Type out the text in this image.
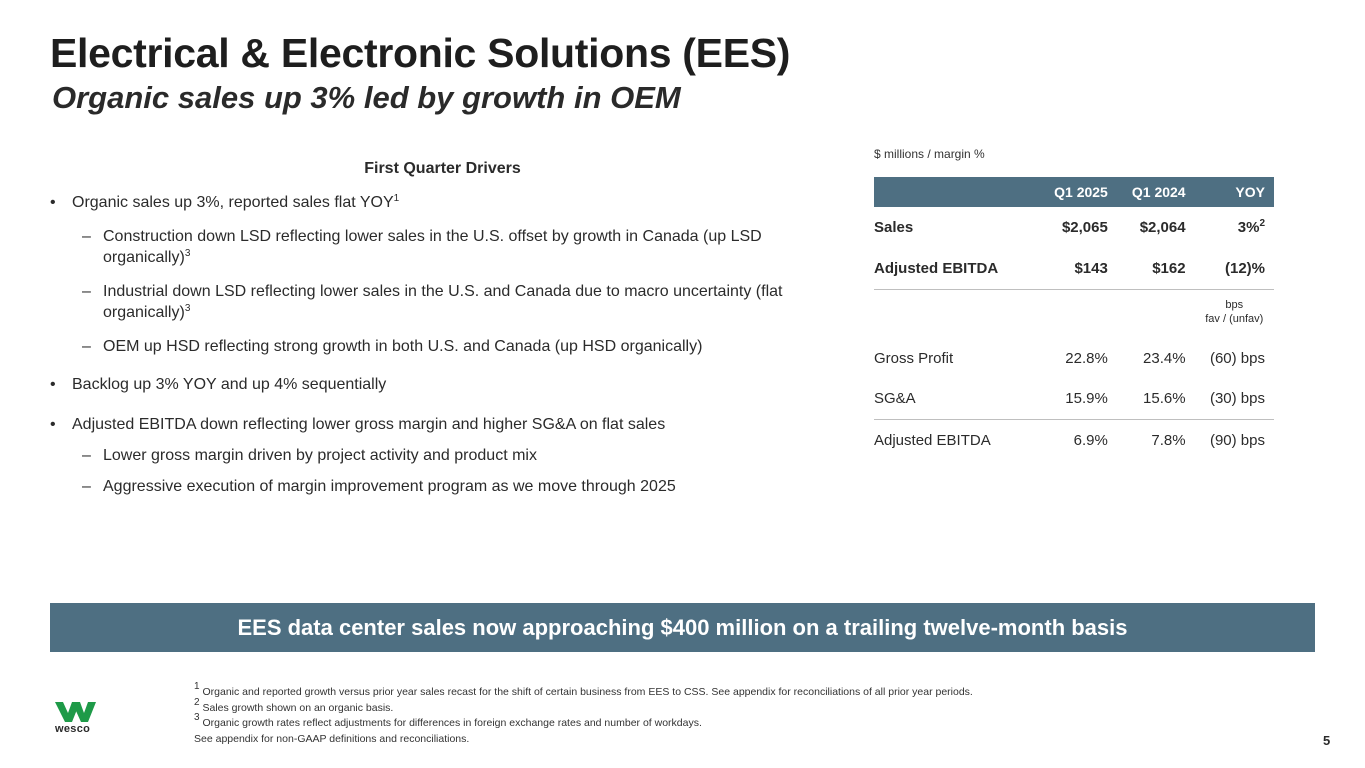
Electrical & Electronic Solutions (EES)
Organic sales up 3% led by growth in OEM

First Quarter Drivers

• Organic sales up 3%, reported sales flat YOY$^1$

– Construction down LSD reflecting lower sales in the U.S. offset by growth in Canada (up LSD organically)$^3$

– Industrial down LSD reflecting lower sales in the U.S. and Canada due to macro uncertainty (flat organically)$^3$

– OEM up HSD reflecting strong growth in both U.S. and Canada (up HSD organically)

• Backlog up 3% YOY and up 4% sequentially

• Adjusted EBITDA down reflecting lower gross margin and higher SG&A on flat sales

– Lower gross margin driven by project activity and product mix

– Aggressive execution of margin improvement program as we move through 2025

$ millions / margin %
	Q1 2025	Q1 2024	YOY
Sales	$2,065	$2,064	3%$^2$
Adjusted EBITDA	$143	$162	(12)%

			bps
fav / (unfav)

Gross Profit	22.8%	23.4%	(60) bps
SG&A	15.9%	15.6%	(30) bps
Adjusted EBITDA	6.9%	7.8%	(90) bps
EES data center sales now approaching $400 million on a trailing twelve-month basis
wesco

$^1$ Organic and reported growth versus prior year sales recast for the shift of certain business from EES to CSS. See appendix for reconciliations of all prior year periods.

$^2$ Sales growth shown on an organic basis.

$^3$ Organic growth rates reflect adjustments for differences in foreign exchange rates and number of workdays.

See appendix for non-GAAP definitions and reconciliations.	5
